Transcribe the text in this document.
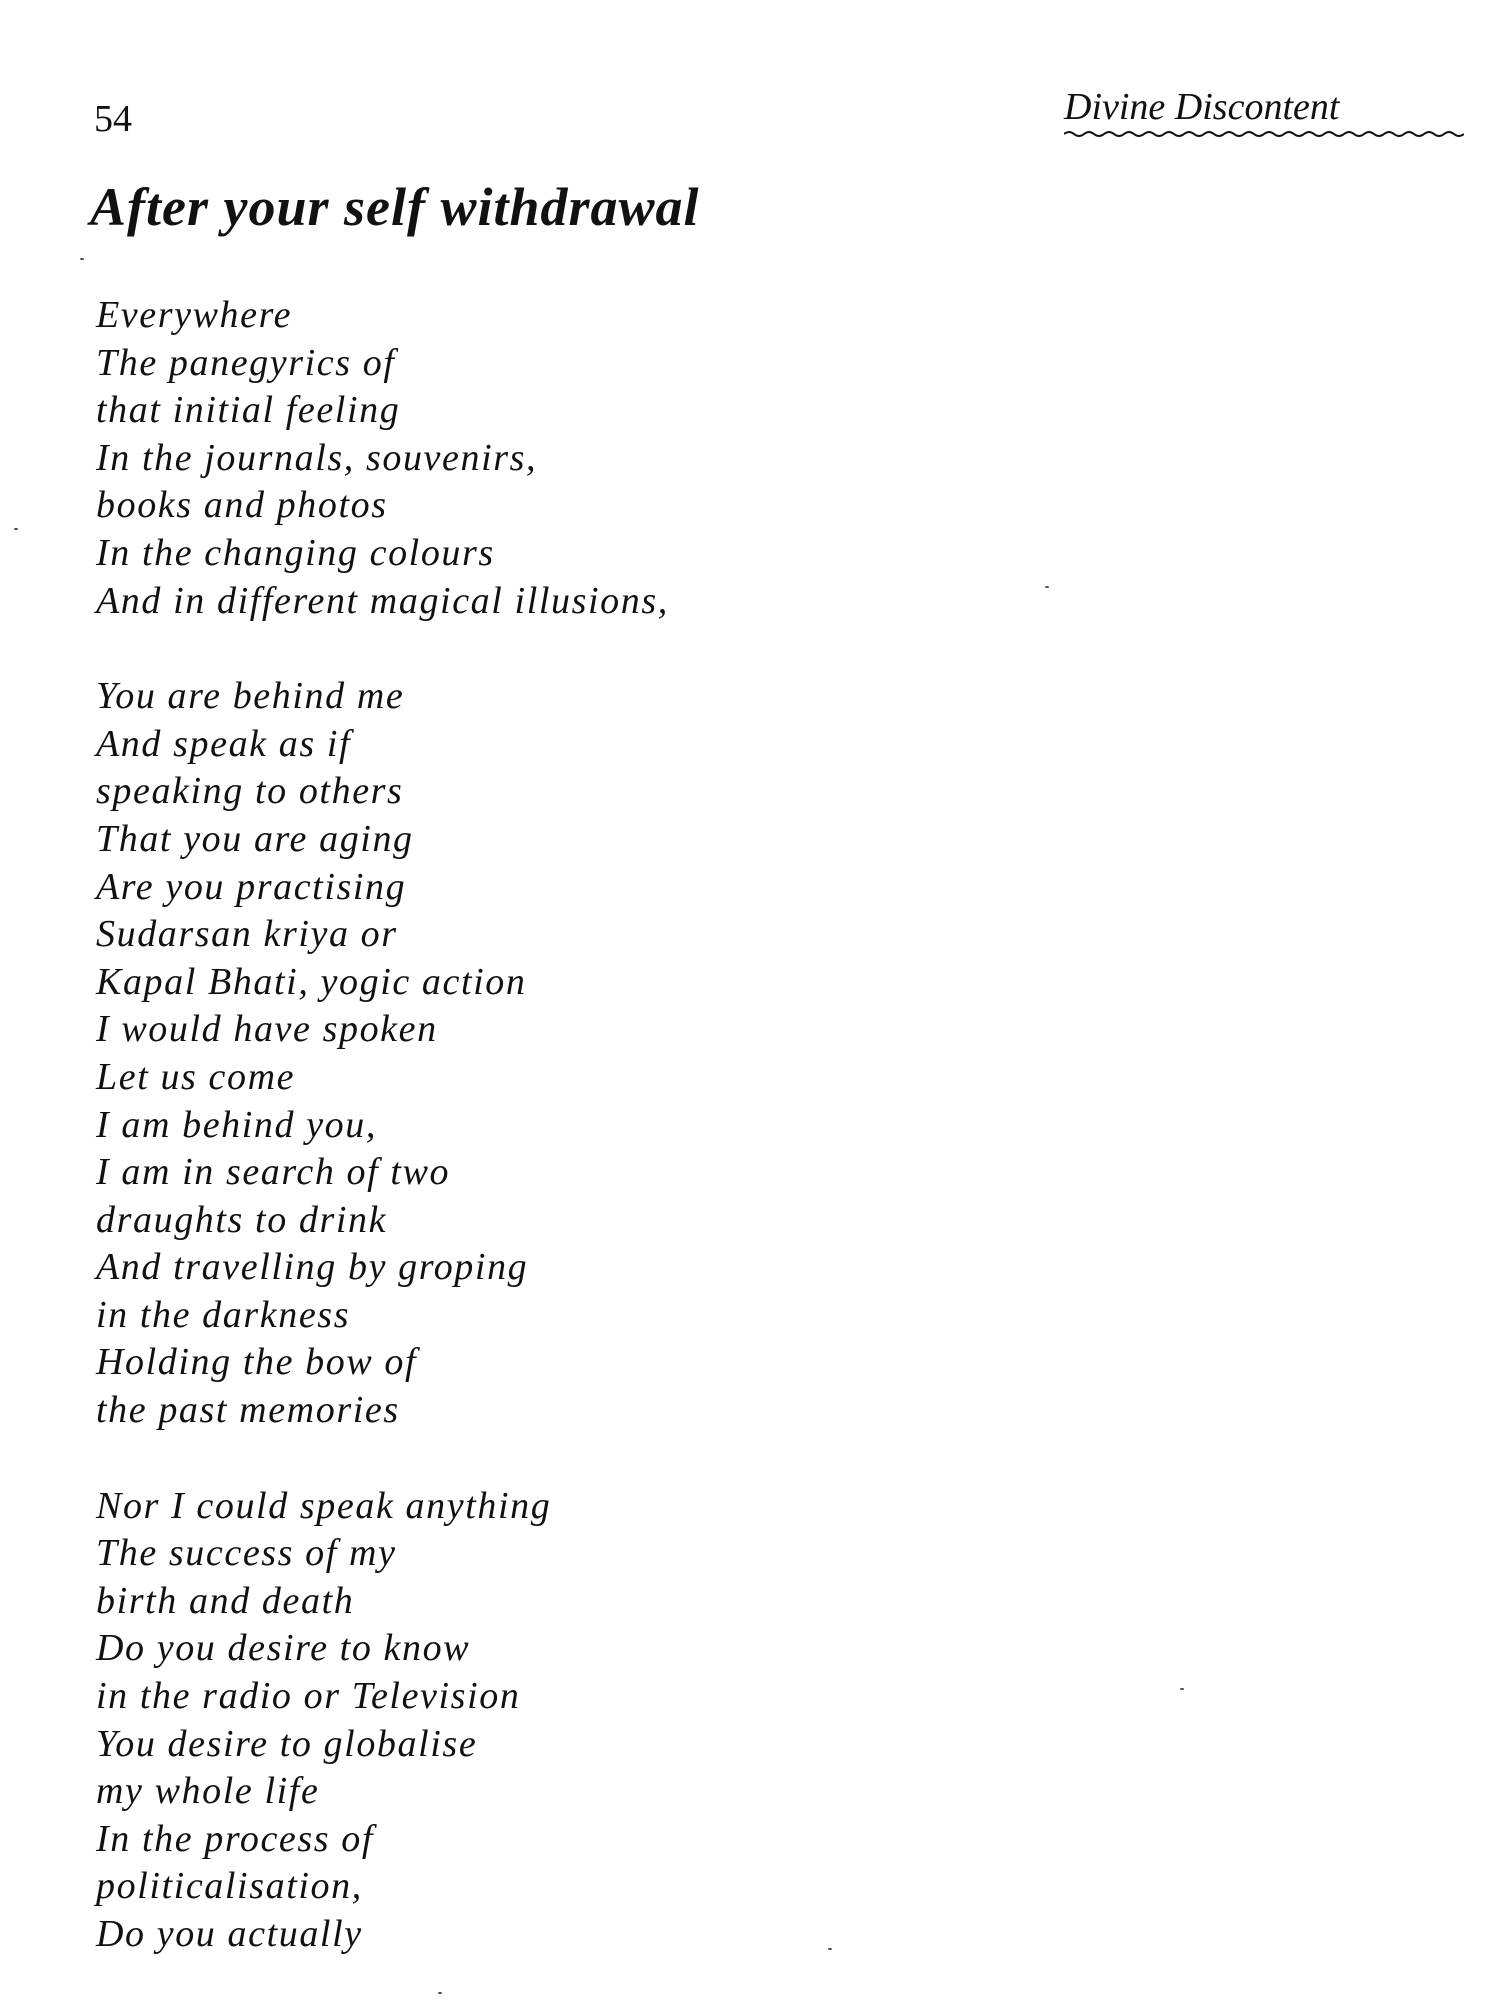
54	Divine Discontent
After your self withdrawal

Everywhere
The panegyrics of
that initial feeling
In the journals, souvenirs,
books and photos
In the changing colours
And in different magical illusions,

You are behind me
And speak as if
speaking to others
That you are aging
Are you practising
Sudarsan kriya or
Kapal Bhati, yogic action
I would have spoken
Let us come
I am behind you,
I am in search of two
draughts to drink
And travelling by groping
in the darkness
Holding the bow of
the past memories

Nor I could speak anything
The success of my
birth and death
Do you desire to know
in the radio or Television
You desire to globalise
my whole life
In the process of
politicalisation,
Do you actually
